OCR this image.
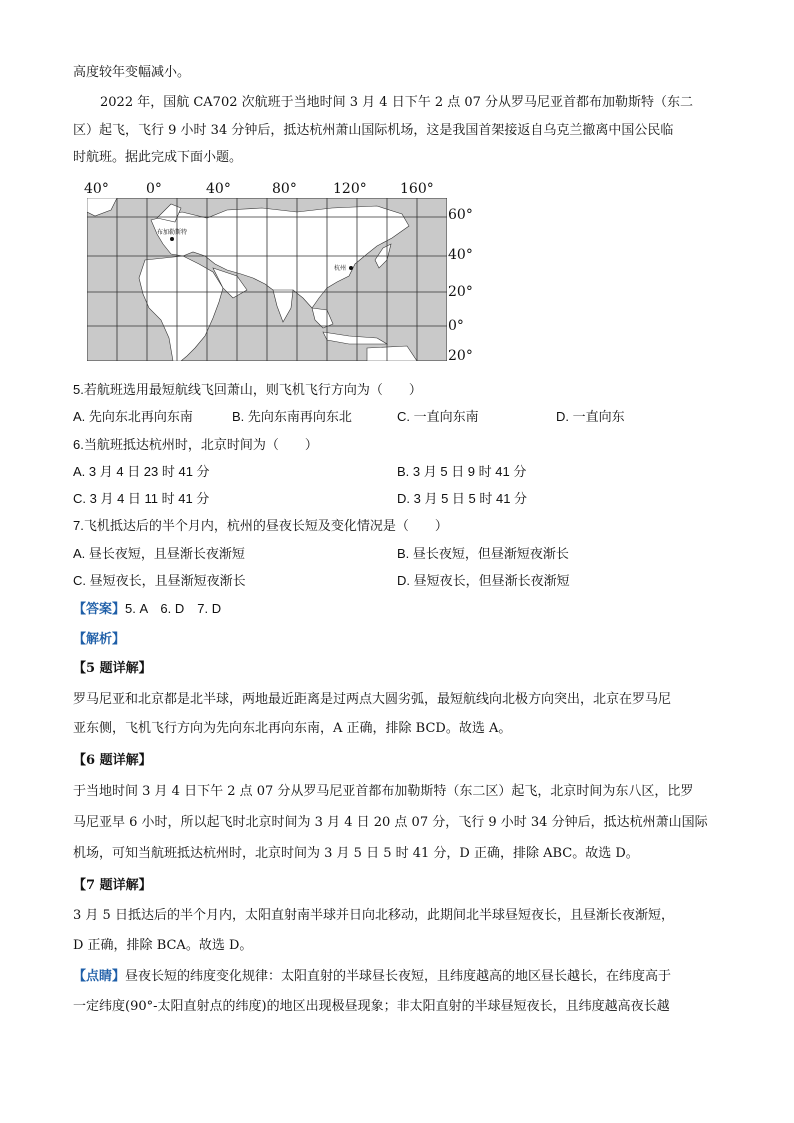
高度较年变幅减小。
2022 年，国航 CA702 次航班于当地时间 3 月 4 日下午 2 点 07 分从罗马尼亚首都布加勒斯特（东二
区）起飞，飞行 9 小时 34 分钟后，抵达杭州萧山国际机场，这是我国首架接返自乌克兰撤离中国公民临
时航班。据此完成下面小题。
40°	0°	40°	80°	120° 160°
60°
40°
20°
0°
20°
布加勒斯特
杭州
5.若航班选用最短航线飞回萧山，则飞机飞行方向为（　　）
A. 先向东北再向东南	B. 先向东南再向东北	C. 一直向东南	D. 一直向东
6.当航班抵达杭州时，北京时间为（　　）
A. 3 月 4 日 23 时 41 分	B. 3 月 5 日 9 时 41 分
C. 3 月 4 日 11 时 41 分	D. 3 月 5 日 5 时 41 分
7.飞机抵达后的半个月内，杭州的昼夜长短及变化情况是（　　）
A. 昼长夜短，且昼渐长夜渐短	B. 昼长夜短，但昼渐短夜渐长
C. 昼短夜长，且昼渐短夜渐长	D. 昼短夜长，但昼渐长夜渐短
【答案】5. A　6. D　7. D
【解析】
【5 题详解】
罗马尼亚和北京都是北半球，两地最近距离是过两点大圆劣弧，最短航线向北极方向突出，北京在罗马尼
亚东侧，飞机飞行方向为先向东北再向东南，A 正确，排除 BCD。故选 A。
【6 题详解】
于当地时间 3 月 4 日下午 2 点 07 分从罗马尼亚首都布加勒斯特（东二区）起飞，北京时间为东八区，比罗
马尼亚早 6 小时，所以起飞时北京时间为 3 月 4 日 20 点 07 分，飞行 9 小时 34 分钟后，抵达杭州萧山国际
机场，可知当航班抵达杭州时，北京时间为 3 月 5 日 5 时 41 分，D 正确，排除 ABC。故选 D。
【7 题详解】
3 月 5 日抵达后的半个月内，太阳直射南半球并日向北移动，此期间北半球昼短夜长，且昼渐长夜渐短，
D 正确，排除 BCA。故选 D。
【点睛】昼夜长短的纬度变化规律：太阳直射的半球昼长夜短，且纬度越高的地区昼长越长，在纬度高于
一定纬度(90°-太阳直射点的纬度)的地区出现极昼现象；非太阳直射的半球昼短夜长，且纬度越高夜长越
